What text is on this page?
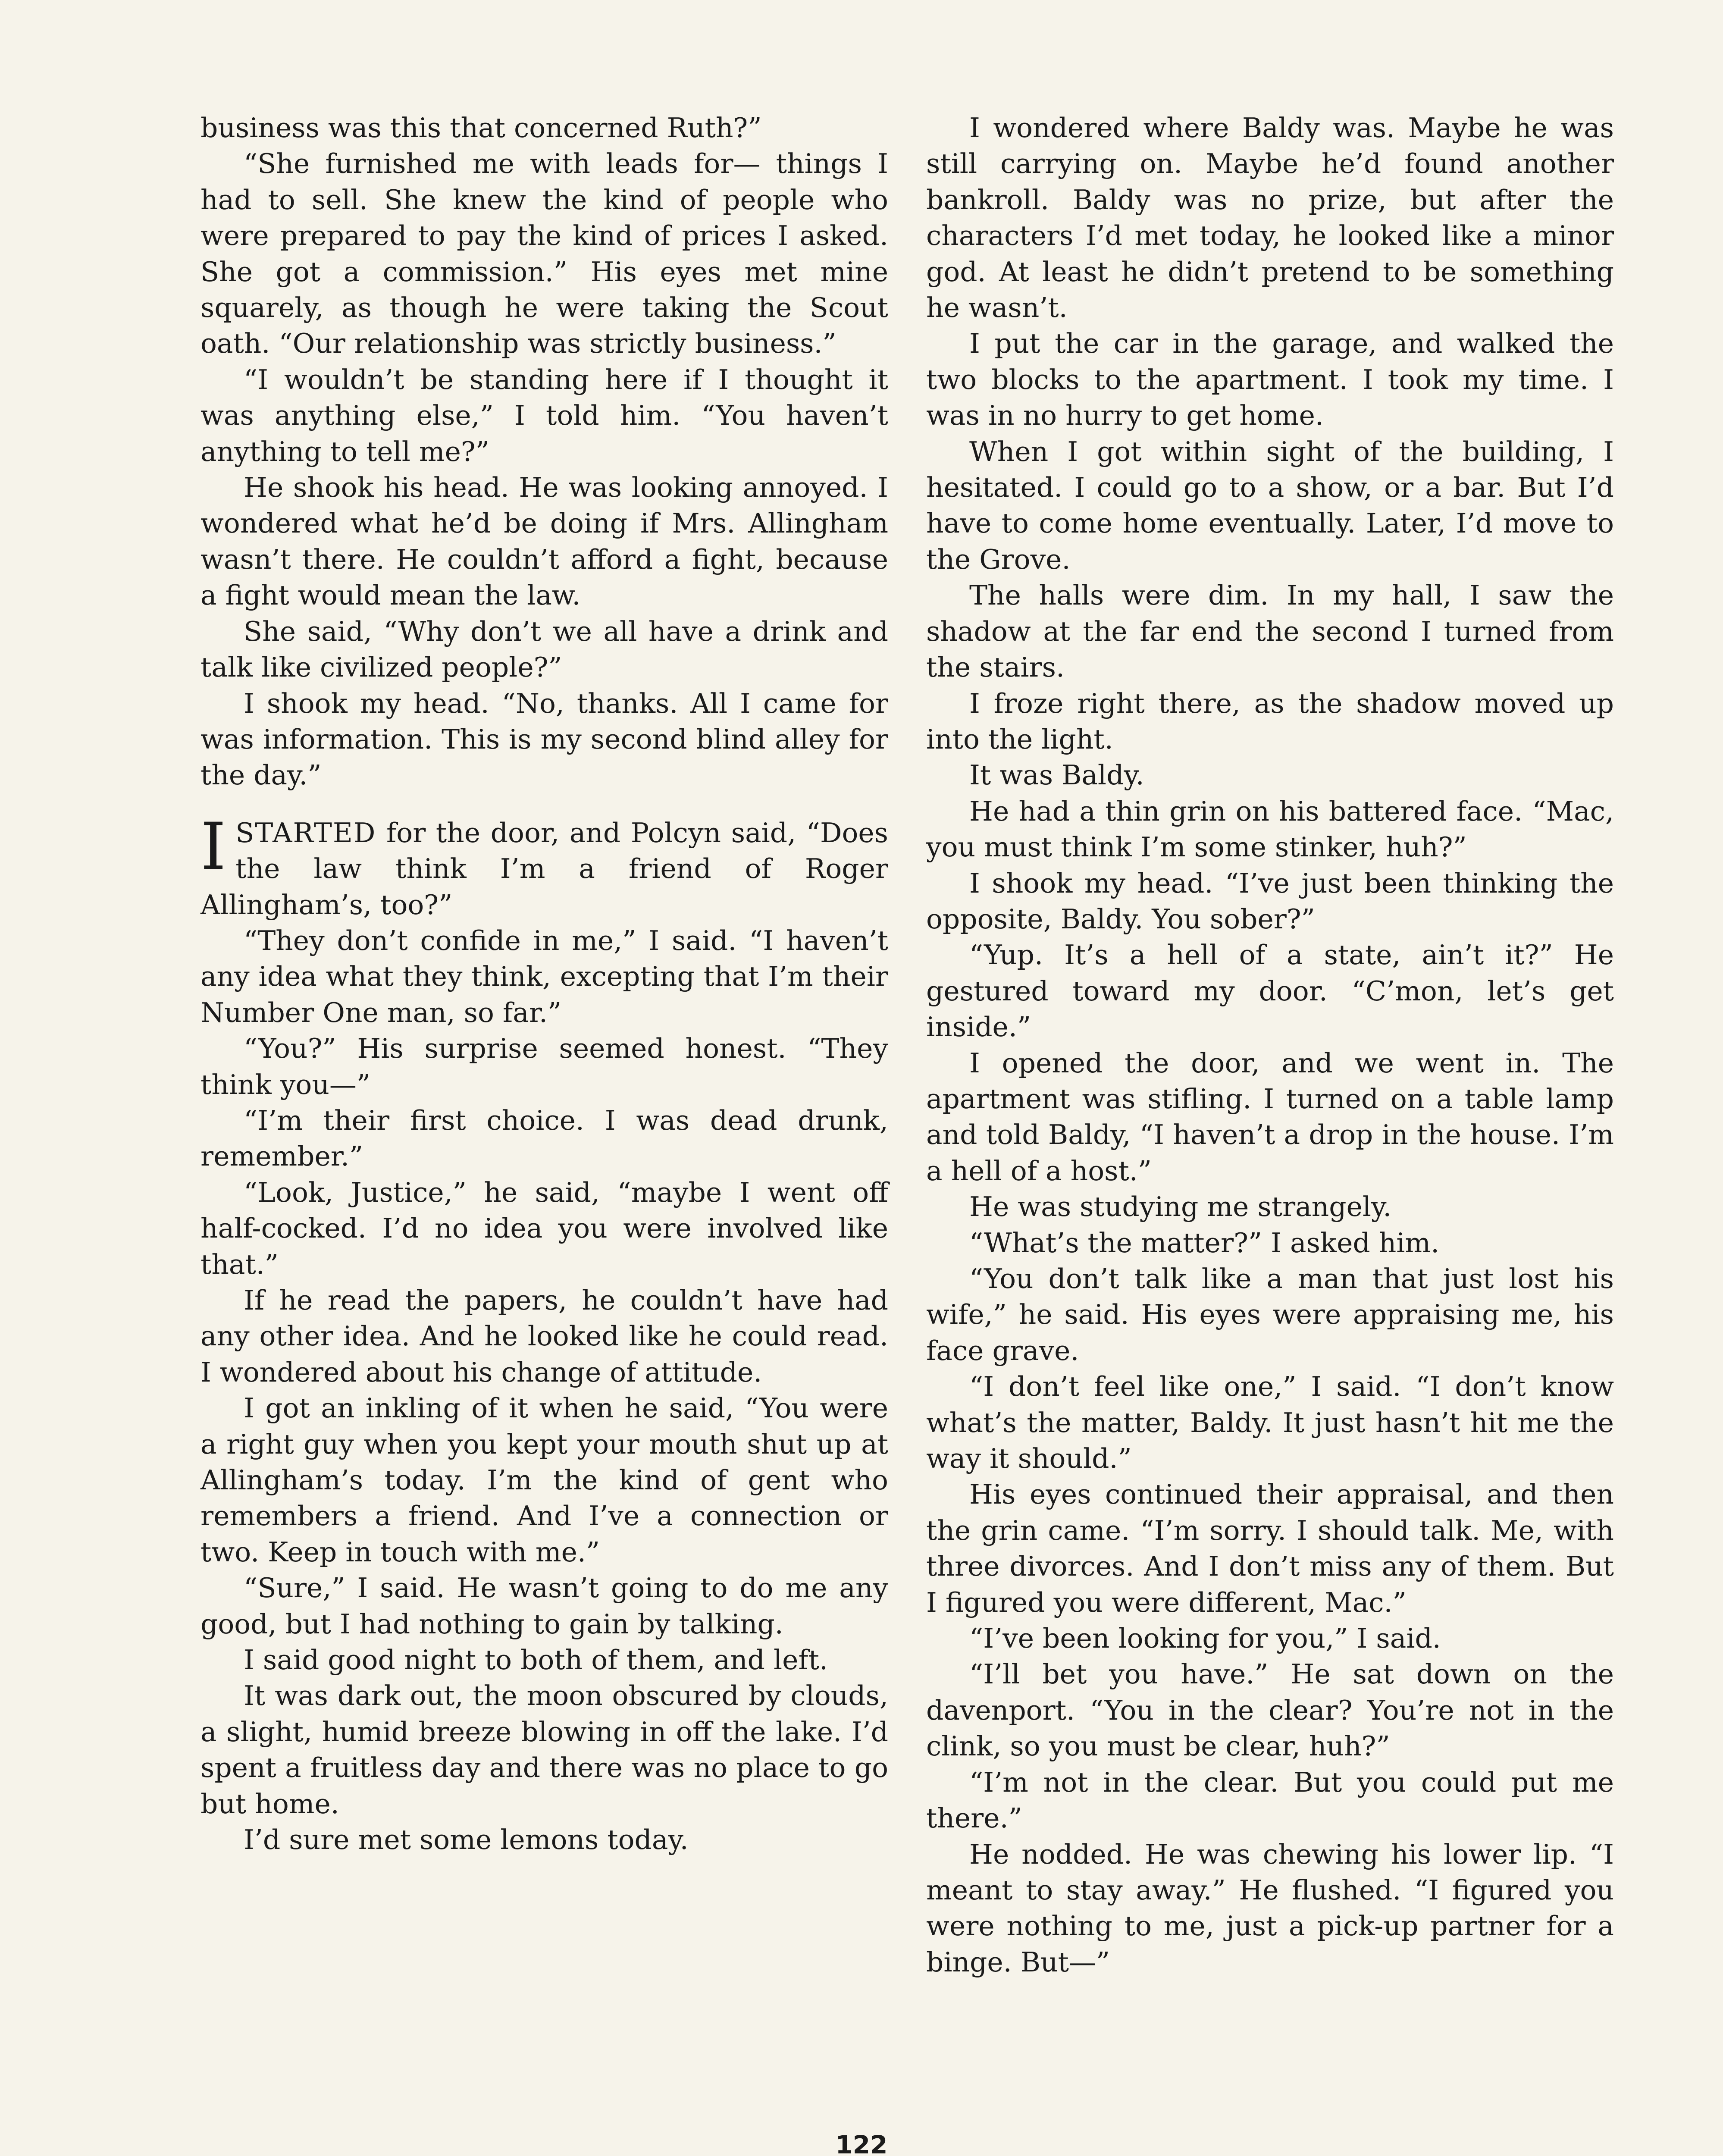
business was this that concerned Ruth?”

“She furnished me with leads for— things I had to sell. She knew the kind of people who were prepared to pay the kind of prices I asked. She got a commission.” His eyes met mine squarely, as though he were taking the Scout oath. “Our relationship was strictly business.”

“I wouldn’t be standing here if I thought it was anything else,” I told him. “You haven’t anything to tell me?”

He shook his head. He was looking annoyed. I wondered what he’d be doing if Mrs. Allingham wasn’t there. He couldn’t afford a fight, because a fight would mean the law.

She said, “Why don’t we all have a drink and talk like civilized people?”

I shook my head. “No, thanks. All I came for was information. This is my second blind alley for the day.”

ISTARTED for the door, and Polcyn said, “Does the law think I’m a friend of Roger Allingham’s, too?”

“They don’t confide in me,” I said. “I haven’t any idea what they think, excepting that I’m their Number One man, so far.”

“You?” His surprise seemed honest. “They think you—”

“I’m their first choice. I was dead drunk, remember.”

“Look, Justice,” he said, “maybe I went off half-cocked. I’d no idea you were involved like that.”

If he read the papers, he couldn’t have had any other idea. And he looked like he could read. I wondered about his change of attitude.

I got an inkling of it when he said, “You were a right guy when you kept your mouth shut up at Allingham’s today. I’m the kind of gent who remembers a friend. And I’ve a connection or two. Keep in touch with me.”

“Sure,” I said. He wasn’t going to do me any good, but I had nothing to gain by talking.

I said good night to both of them, and left.

It was dark out, the moon obscured by clouds, a slight, humid breeze blowing in off the lake. I’d spent a fruitless day and there was no place to go but home.

I’d sure met some lemons today.

I wondered where Baldy was. Maybe he was still carrying on. Maybe he’d found another bankroll. Baldy was no prize, but after the characters I’d met today, he looked like a minor god. At least he didn’t pretend to be something he wasn’t.

I put the car in the garage, and walked the two blocks to the apartment. I took my time. I was in no hurry to get home.

When I got within sight of the building, I hesitated. I could go to a show, or a bar. But I’d have to come home eventually. Later, I’d move to the Grove.

The halls were dim. In my hall, I saw the shadow at the far end the second I turned from the stairs.

I froze right there, as the shadow moved up into the light.

It was Baldy.

He had a thin grin on his battered face. “Mac, you must think I’m some stinker, huh?”

I shook my head. “I’ve just been thinking the opposite, Baldy. You sober?”

“Yup. It’s a hell of a state, ain’t it?” He gestured toward my door. “C’mon, let’s get inside.”

I opened the door, and we went in. The apartment was stifling. I turned on a table lamp and told Baldy, “I haven’t a drop in the house. I’m a hell of a host.”

He was studying me strangely.

“What’s the matter?” I asked him.

“You don’t talk like a man that just lost his wife,” he said. His eyes were appraising me, his face grave.

“I don’t feel like one,” I said. “I don’t know what’s the matter, Baldy. It just hasn’t hit me the way it should.”

His eyes continued their appraisal, and then the grin came. “I’m sorry. I should talk. Me, with three divorces. And I don’t miss any of them. But I figured you were different, Mac.”

“I’ve been looking for you,” I said.

“I’ll bet you have.” He sat down on the davenport. “You in the clear? You’re not in the clink, so you must be clear, huh?”

“I’m not in the clear. But you could put me there.”

He nodded. He was chewing his lower lip. “I meant to stay away.” He flushed. “I figured you were nothing to me, just a pick-up partner for a binge. But—”

122
